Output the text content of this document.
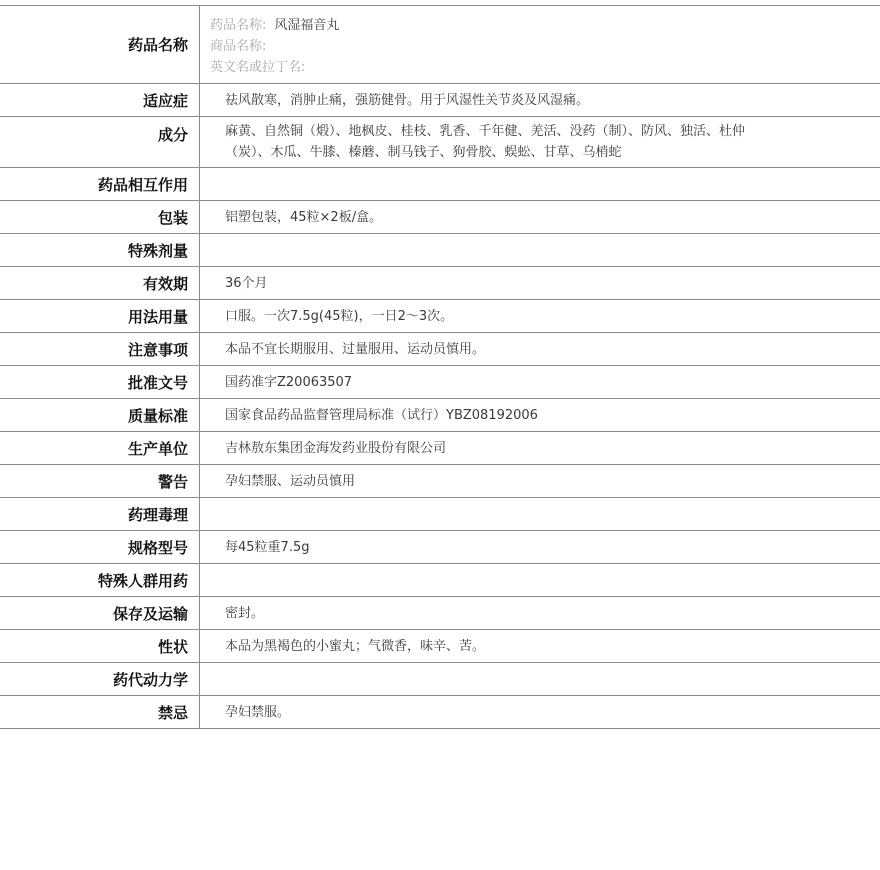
药品名称
药品名称: 风湿福音丸
商品名称:
英文名或拉丁名:
适应症	祛风散寒，消肿止痛，强筋健骨。用于风湿性关节炎及风湿痛。
成分	麻黄、自然铜（煅）、地枫皮、桂枝、乳香、千年健、羌活、没药（制）、防风、独活、杜仲（炭）、木瓜、牛膝、榛蘑、制马钱子、狗骨胶、蜈蚣、甘草、乌梢蛇
药品相互作用
包装	铝塑包装，45粒×2板/盒。
特殊剂量
有效期	36个月
用法用量	口服。一次7.5g(45粒)，一日2～3次。
注意事项	本品不宜长期服用、过量服用、运动员慎用。
批准文号	国药准字Z20063507
质量标准	国家食品药品监督管理局标准（试行）YBZ08192006
生产单位	吉林敖东集团金海发药业股份有限公司
警告	孕妇禁服、运动员慎用
药理毒理
规格型号	每45粒重7.5g
特殊人群用药
保存及运输	密封。
性状	本品为黑褐色的小蜜丸；气微香，味辛、苦。
药代动力学
禁忌	孕妇禁服。
